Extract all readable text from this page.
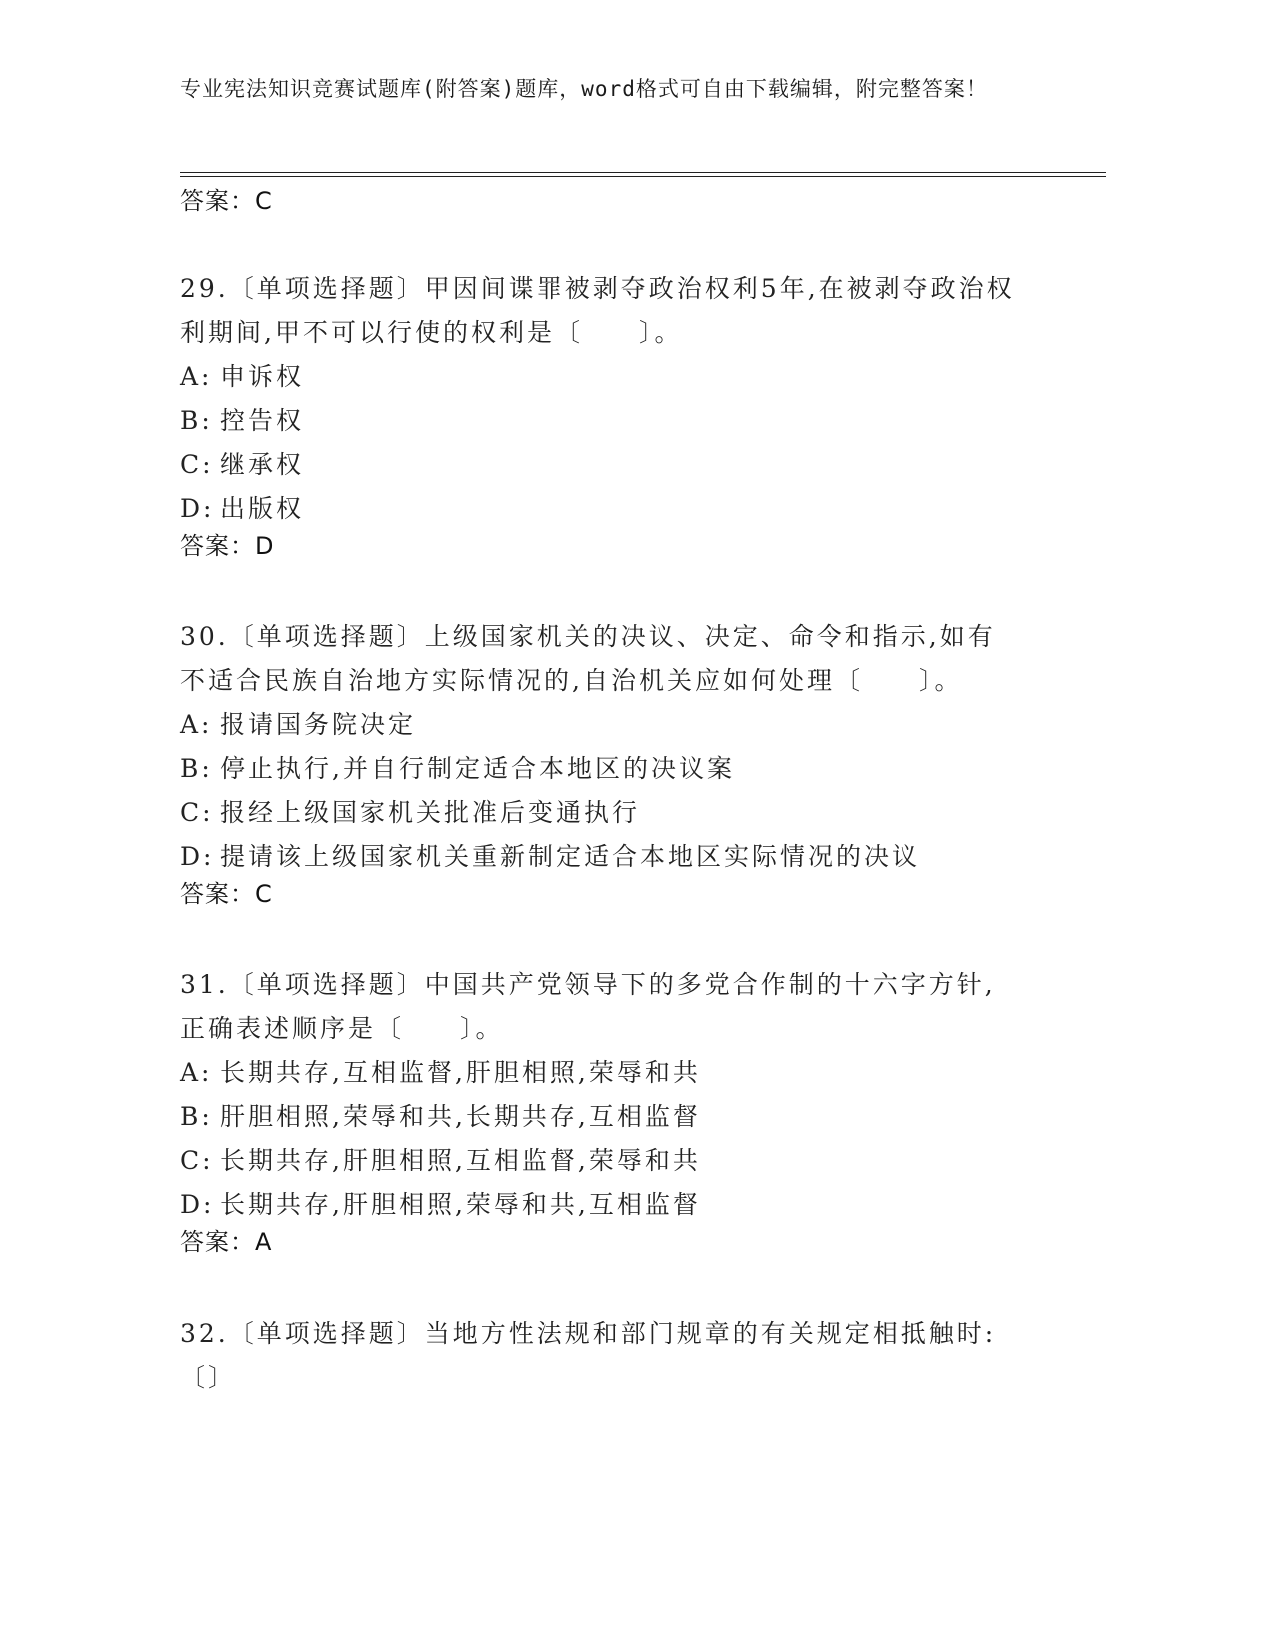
专业宪法知识竞赛试题库(附答案)题库，word格式可自由下载编辑，附完整答案！
答案：C
29.〔单项选择题〕甲因间谍罪被剥夺政治权利5年,在被剥夺政治权利期间,甲不可以行使的权利是〔　　〕。
A: 申诉权
B: 控告权
C: 继承权
D: 出版权
答案：D
30.〔单项选择题〕上级国家机关的决议、决定、命令和指示,如有不适合民族自治地方实际情况的,自治机关应如何处理〔　　〕。
A: 报请国务院决定
B: 停止执行,并自行制定适合本地区的决议案
C: 报经上级国家机关批准后变通执行
D: 提请该上级国家机关重新制定适合本地区实际情况的决议
答案：C
31.〔单项选择题〕中国共产党领导下的多党合作制的十六字方针,正确表述顺序是〔　　〕。
A: 长期共存,互相监督,肝胆相照,荣辱和共
B: 肝胆相照,荣辱和共,长期共存,互相监督
C: 长期共存,肝胆相照,互相监督,荣辱和共
D: 长期共存,肝胆相照,荣辱和共,互相监督
答案：A
32.〔单项选择题〕当地方性法规和部门规章的有关规定相抵触时:〔〕
